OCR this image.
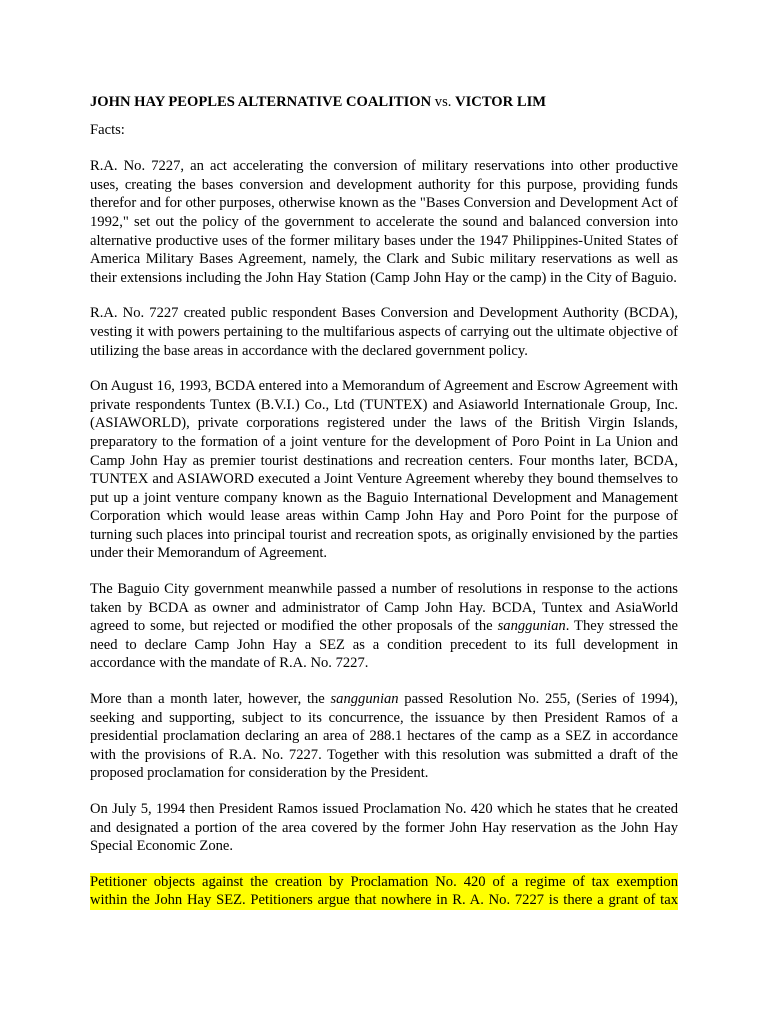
JOHN HAY PEOPLES ALTERNATIVE COALITION vs. VICTOR LIM

Facts:

R.A. No. 7227, an act accelerating the conversion of military reservations into other productive uses, creating the bases conversion and development authority for this purpose, providing funds therefor and for other purposes, otherwise known as the "Bases Conversion and Development Act of 1992," set out the policy of the government to accelerate the sound and balanced conversion into alternative productive uses of the former military bases under the 1947 Philippines-United States of America Military Bases Agreement, namely, the Clark and Subic military reservations as well as their extensions including the John Hay Station (Camp John Hay or the camp) in the City of Baguio.

R.A. No. 7227 created public respondent Bases Conversion and Development Authority (BCDA), vesting it with powers pertaining to the multifarious aspects of carrying out the ultimate objective of utilizing the base areas in accordance with the declared government policy.

On August 16, 1993, BCDA entered into a Memorandum of Agreement and Escrow Agreement with private respondents Tuntex (B.V.I.) Co., Ltd (TUNTEX) and Asiaworld Internationale Group, Inc. (ASIAWORLD), private corporations registered under the laws of the British Virgin Islands, preparatory to the formation of a joint venture for the development of Poro Point in La Union and Camp John Hay as premier tourist destinations and recreation centers. Four months later, BCDA, TUNTEX and ASIAWORD executed a Joint Venture Agreement whereby they bound themselves to put up a joint venture company known as the Baguio International Development and Management Corporation which would lease areas within Camp John Hay and Poro Point for the purpose of turning such places into principal tourist and recreation spots, as originally envisioned by the parties under their Memorandum of Agreement.

The Baguio City government meanwhile passed a number of resolutions in response to the actions taken by BCDA as owner and administrator of Camp John Hay. BCDA, Tuntex and AsiaWorld agreed to some, but rejected or modified the other proposals of the sanggunian. They stressed the need to declare Camp John Hay a SEZ as a condition precedent to its full development in accordance with the mandate of R.A. No. 7227.

More than a month later, however, the sanggunian passed Resolution No. 255, (Series of 1994), seeking and supporting, subject to its concurrence, the issuance by then President Ramos of a presidential proclamation declaring an area of 288.1 hectares of the camp as a SEZ in accordance with the provisions of R.A. No. 7227. Together with this resolution was submitted a draft of the proposed proclamation for consideration by the President.

On July 5, 1994 then President Ramos issued Proclamation No. 420 which he states that he created and designated a portion of the area covered by the former John Hay reservation as the John Hay Special Economic Zone.

Petitioner objects against the creation by Proclamation No. 420 of a regime of tax exemption

within the John Hay SEZ. Petitioners argue that nowhere in R. A. No. 7227 is there a grant of tax
